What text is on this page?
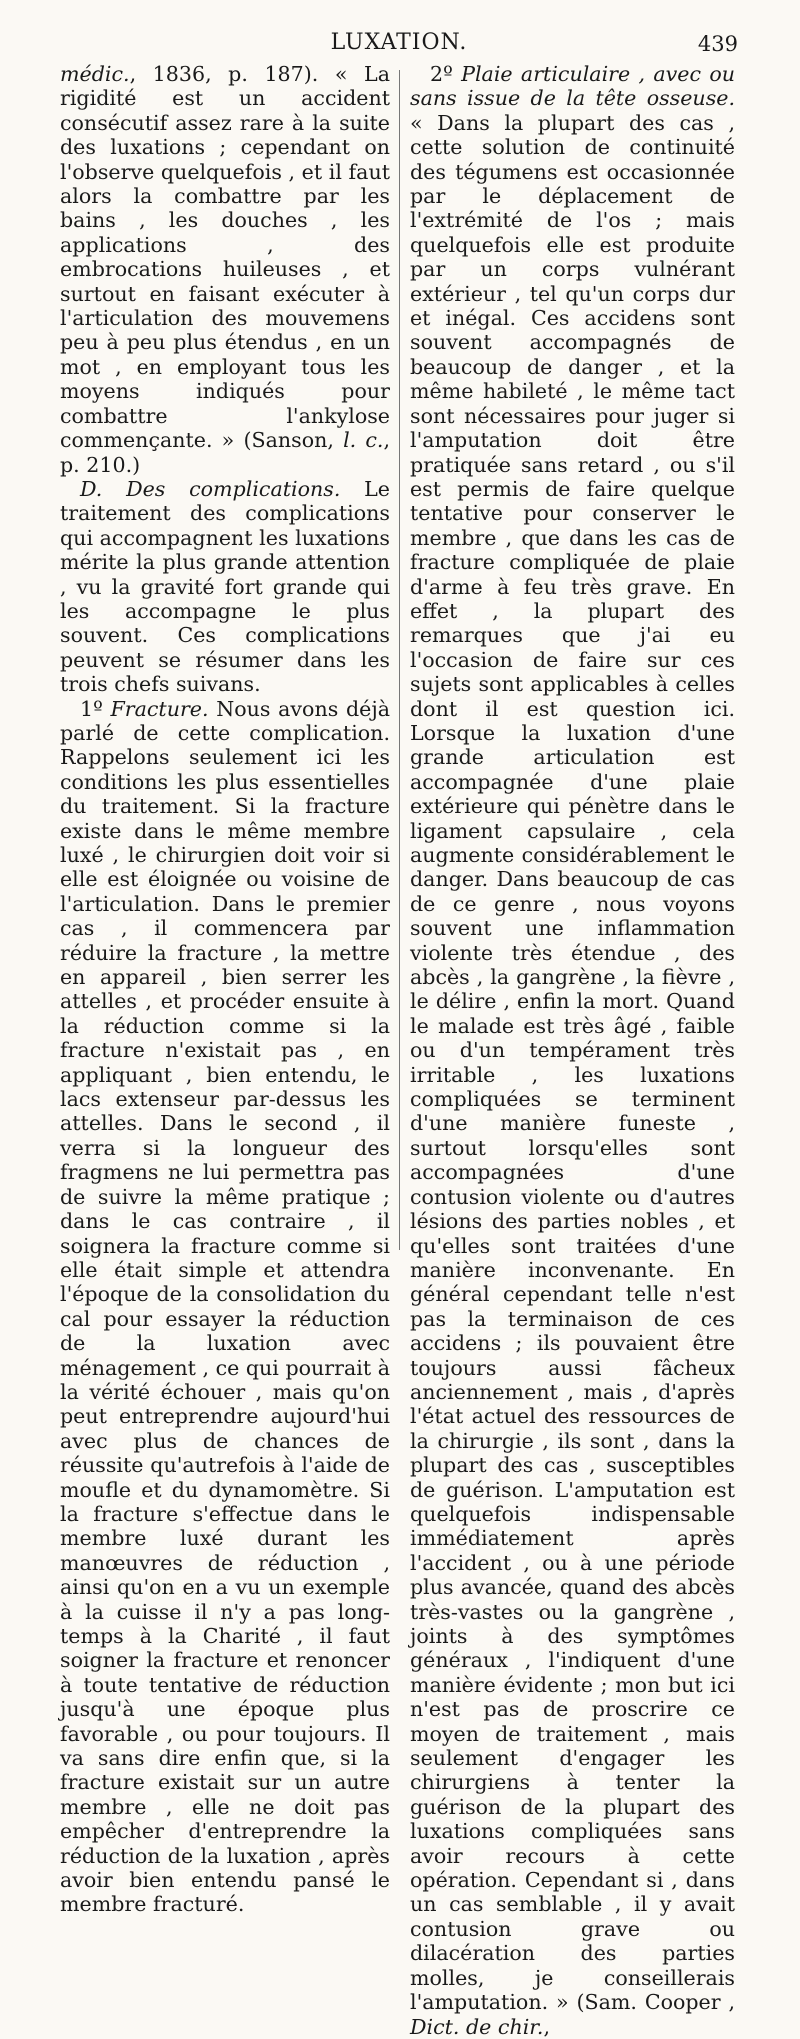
LUXATION.	439

médic., 1836, p. 187). « La rigidité est un accident consécutif assez rare à la suite des luxations ; cependant on l'observe quelquefois , et il faut alors la combattre par les bains , les douches , les applications , des embrocations huileuses , et surtout en faisant exécuter à l'articulation des mouvemens peu à peu plus étendus , en un mot , en employant tous les moyens indiqués pour combattre l'ankylose commençante. » (Sanson, l. c., p. 210.)

D. Des complications. Le traitement des complications qui accompagnent les luxations mérite la plus grande attention , vu la gravité fort grande qui les accompagne le plus souvent. Ces complications peuvent se résumer dans les trois chefs suivans.

1º Fracture. Nous avons déjà parlé de cette complication. Rappelons seulement ici les conditions les plus essentielles du traitement. Si la fracture existe dans le même membre luxé , le chirurgien doit voir si elle est éloignée ou voisine de l'articulation. Dans le premier cas , il commencera par réduire la fracture , la mettre en appareil , bien serrer les attelles , et procéder ensuite à la réduction comme si la fracture n'existait pas , en appliquant , bien entendu, le lacs extenseur par-dessus les attelles. Dans le second , il verra si la longueur des fragmens ne lui permettra pas de suivre la même pratique ; dans le cas contraire , il soignera la fracture comme si elle était simple et attendra l'époque de la consolidation du cal pour essayer la réduction de la luxation avec ménagement , ce qui pourrait à la vérité échouer , mais qu'on peut entreprendre aujourd'hui avec plus de chances de réussite qu'autrefois à l'aide de moufle et du dynamomètre. Si la fracture s'effectue dans le membre luxé durant les manœuvres de réduction , ainsi qu'on en a vu un exemple à la cuisse il n'y a pas long-temps à la Charité , il faut soigner la fracture et renoncer à toute tentative de réduction jusqu'à une époque plus favorable , ou pour toujours. Il va sans dire enfin que, si la fracture existait sur un autre membre , elle ne doit pas empêcher d'entreprendre la réduction de la luxation , après avoir bien entendu pansé le membre fracturé.

2º Plaie articulaire , avec ou sans issue de la tête osseuse. « Dans la plupart des cas , cette solution de continuité des tégumens est occasionnée par le déplacement de l'extrémité de l'os ; mais quelquefois elle est produite par un corps vulnérant extérieur , tel qu'un corps dur et inégal. Ces accidens sont souvent accompagnés de beaucoup de danger , et la même habileté , le même tact sont nécessaires pour juger si l'amputation doit être pratiquée sans retard , ou s'il est permis de faire quelque tentative pour conserver le membre , que dans les cas de fracture compliquée de plaie d'arme à feu très grave. En effet , la plupart des remarques que j'ai eu l'occasion de faire sur ces sujets sont applicables à celles dont il est question ici. Lorsque la luxation d'une grande articulation est accompagnée d'une plaie extérieure qui pénètre dans le ligament capsulaire , cela augmente considérablement le danger. Dans beaucoup de cas de ce genre , nous voyons souvent une inflammation violente très étendue , des abcès , la gangrène , la fièvre , le délire , enfin la mort. Quand le malade est très âgé , faible ou d'un tempérament très irritable , les luxations compliquées se terminent d'une manière funeste , surtout lorsqu'elles sont accompagnées d'une contusion violente ou d'autres lésions des parties nobles , et qu'elles sont traitées d'une manière inconvenante. En général cependant telle n'est pas la terminaison de ces accidens ; ils pouvaient être toujours aussi fâcheux anciennement , mais , d'après l'état actuel des ressources de la chirurgie , ils sont , dans la plupart des cas , susceptibles de guérison. L'amputation est quelquefois indispensable immédiatement après l'accident , ou à une période plus avancée, quand des abcès très-vastes ou la gangrène , joints à des symptômes généraux , l'indiquent d'une manière évidente ; mon but ici n'est pas de proscrire ce moyen de traitement , mais seulement d'engager les chirurgiens à tenter la guérison de la plupart des luxations compliquées sans avoir recours à cette opération. Cependant si , dans un cas semblable , il y avait contusion grave ou dilacération des parties molles, je conseillerais l'amputation. » (Sam. Cooper , Dict. de chir.,
